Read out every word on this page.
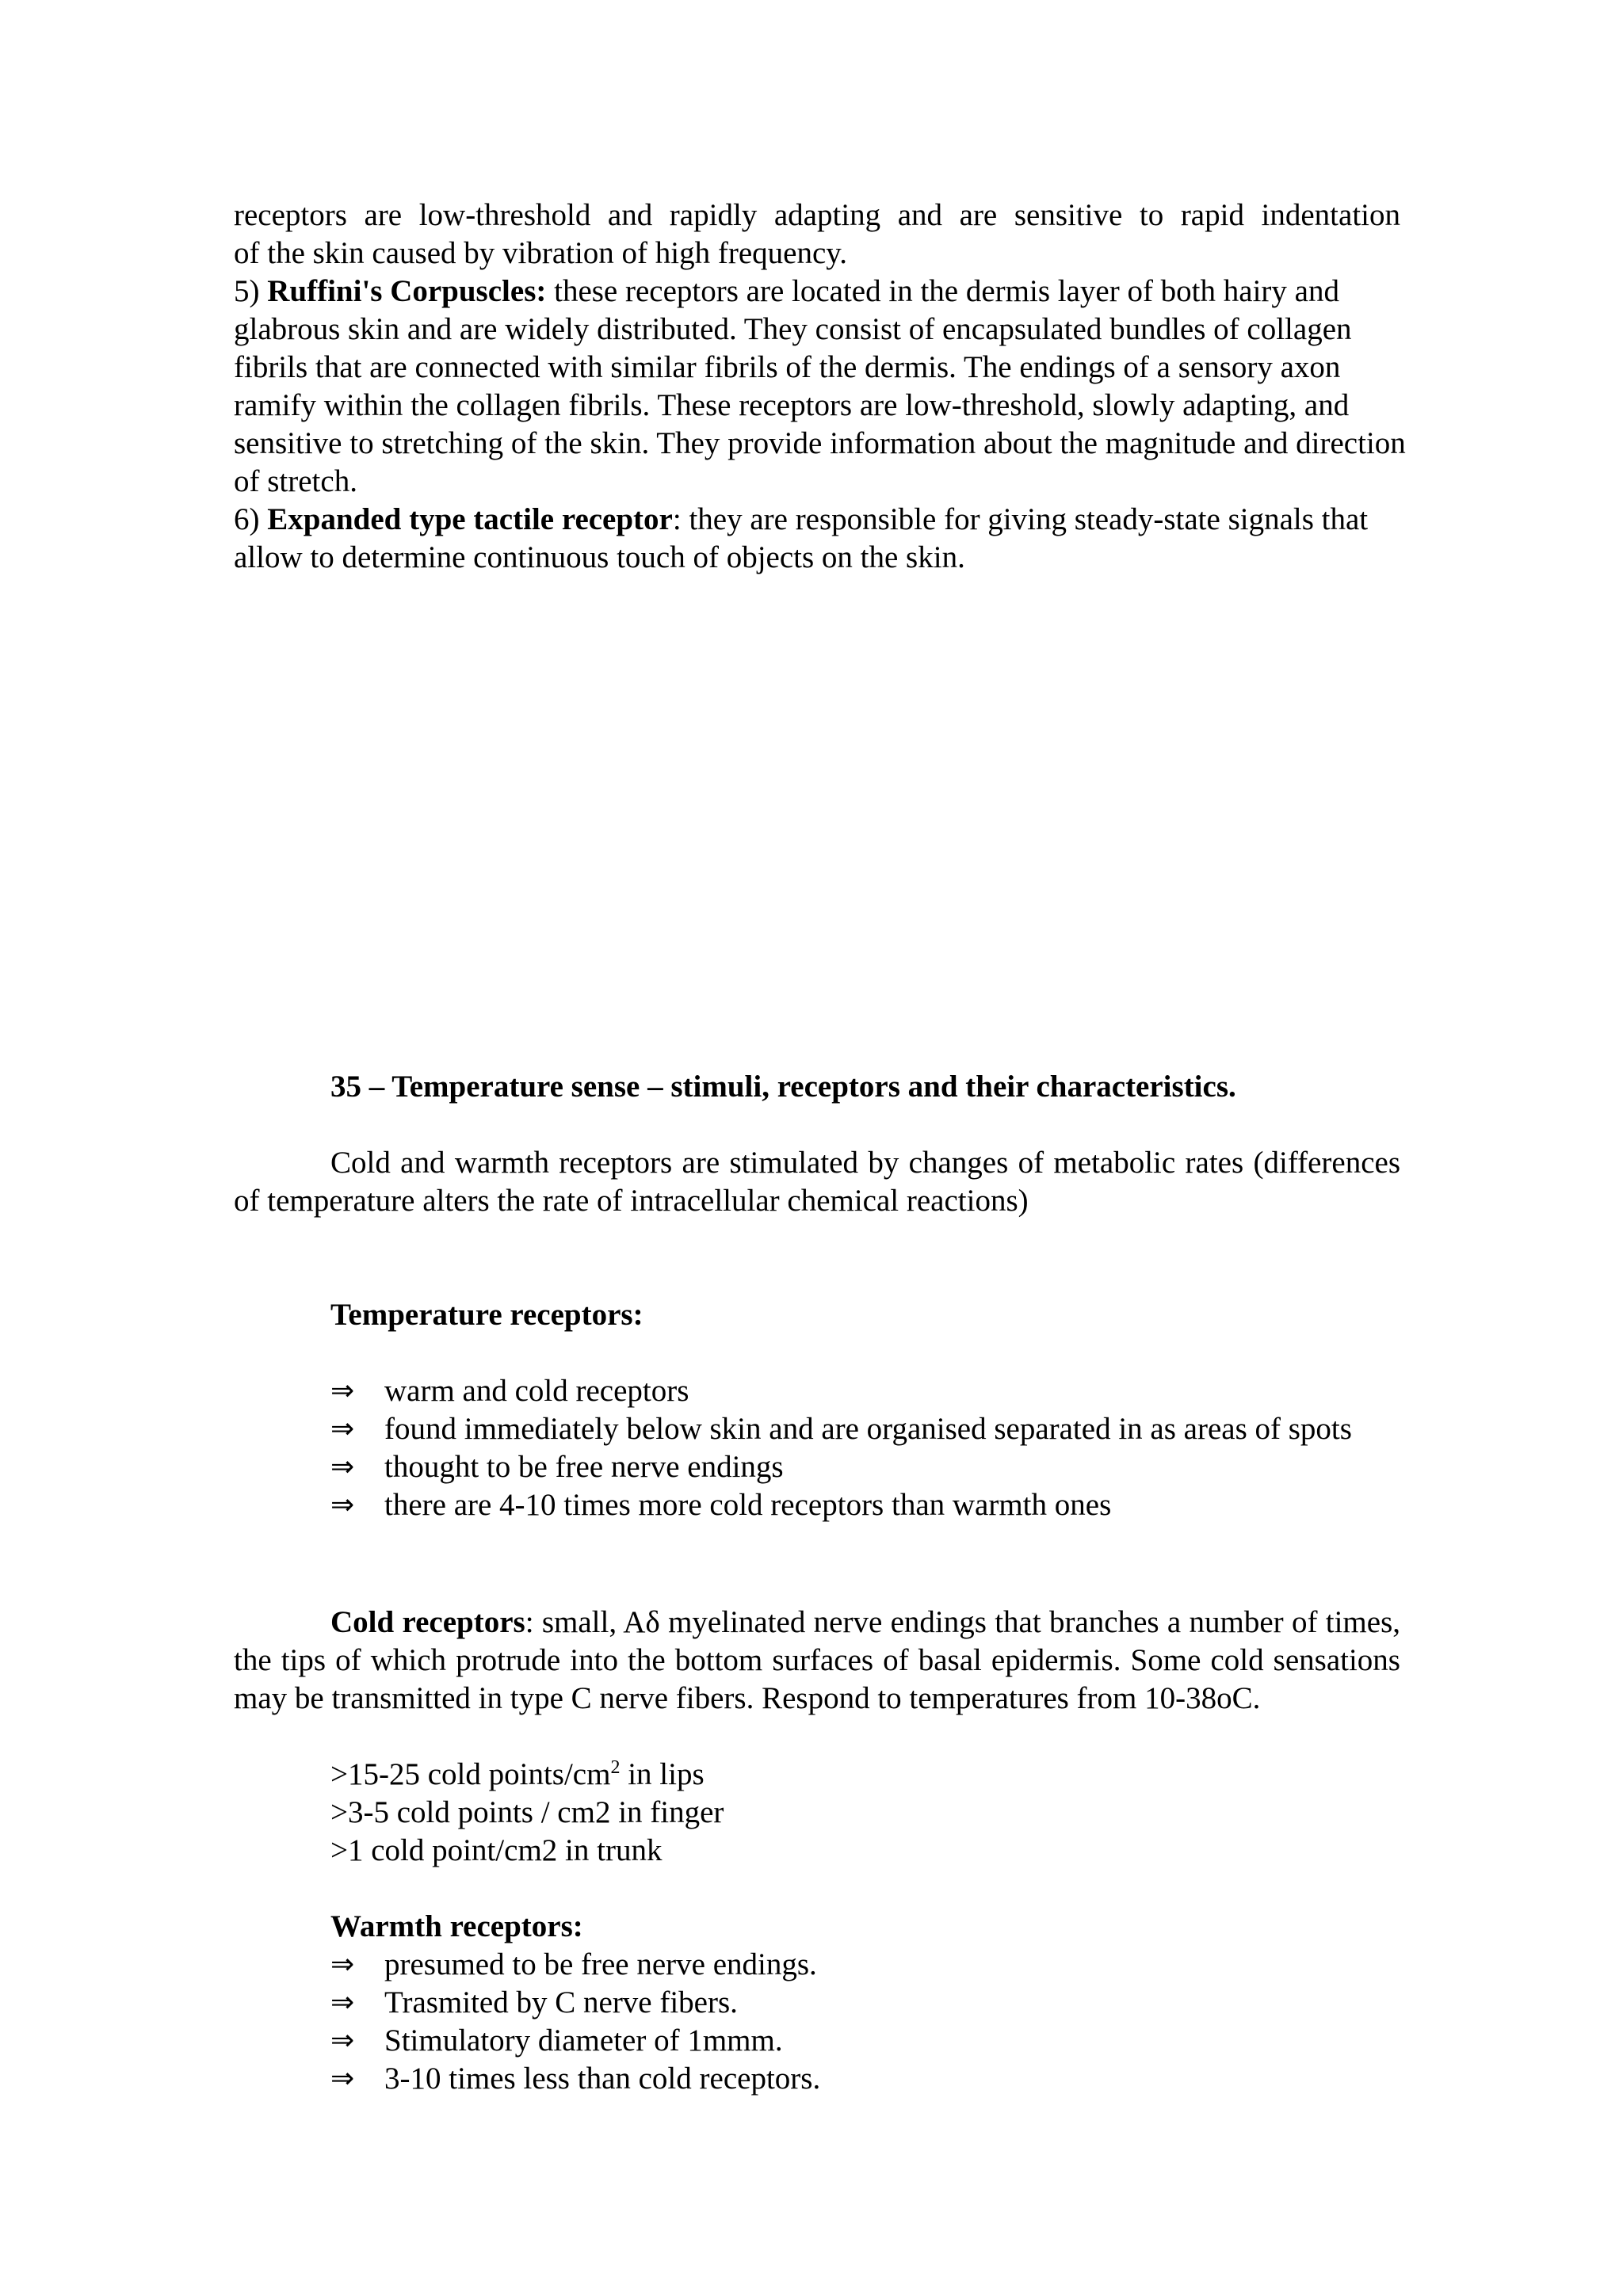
receptors are low-threshold and rapidly adapting and are sensitive to rapid indentation

of the skin caused by vibration of high frequency.

5) Ruffini's Corpuscles: these receptors are located in the dermis layer of both hairy and glabrous skin and are widely distributed. They consist of encapsulated bundles of collagen fibrils that are connected with similar fibrils of the dermis. The endings of a sensory axon ramify within the collagen fibrils. These receptors are low-threshold, slowly adapting, and sensitive to stretching of the skin. They provide information about the magnitude and direction of stretch.

6) Expanded type tactile receptor: they are responsible for giving steady-state signals that allow to determine continuous touch of objects on the skin.

35 – Temperature sense – stimuli, receptors and their characteristics.
Cold and warmth receptors are stimulated by changes of metabolic rates (differences of temperature alters the rate of intracellular chemical reactions)
Temperature receptors:
⇒ warm and cold receptors
⇒ found immediately below skin and are organised separated in as areas of spots
⇒ thought to be free nerve endings
⇒ there are 4-10 times more cold receptors than warmth ones
Cold receptors: small, Aδ myelinated nerve endings that branches a number of times, the tips of which protrude into the bottom surfaces of basal epidermis. Some cold sensations may be transmitted in type C nerve fibers. Respond to temperatures from 10-38oC.
>15-25 cold points/$cm^2$ in lips
>3-5 cold points / cm2 in finger
>1 cold point/cm2 in trunk
Warmth receptors:
⇒ presumed to be free nerve endings.
⇒ Trasmited by C nerve fibers.
⇒ Stimulatory diameter of 1mmm.
⇒ 3-10 times less than cold receptors.
